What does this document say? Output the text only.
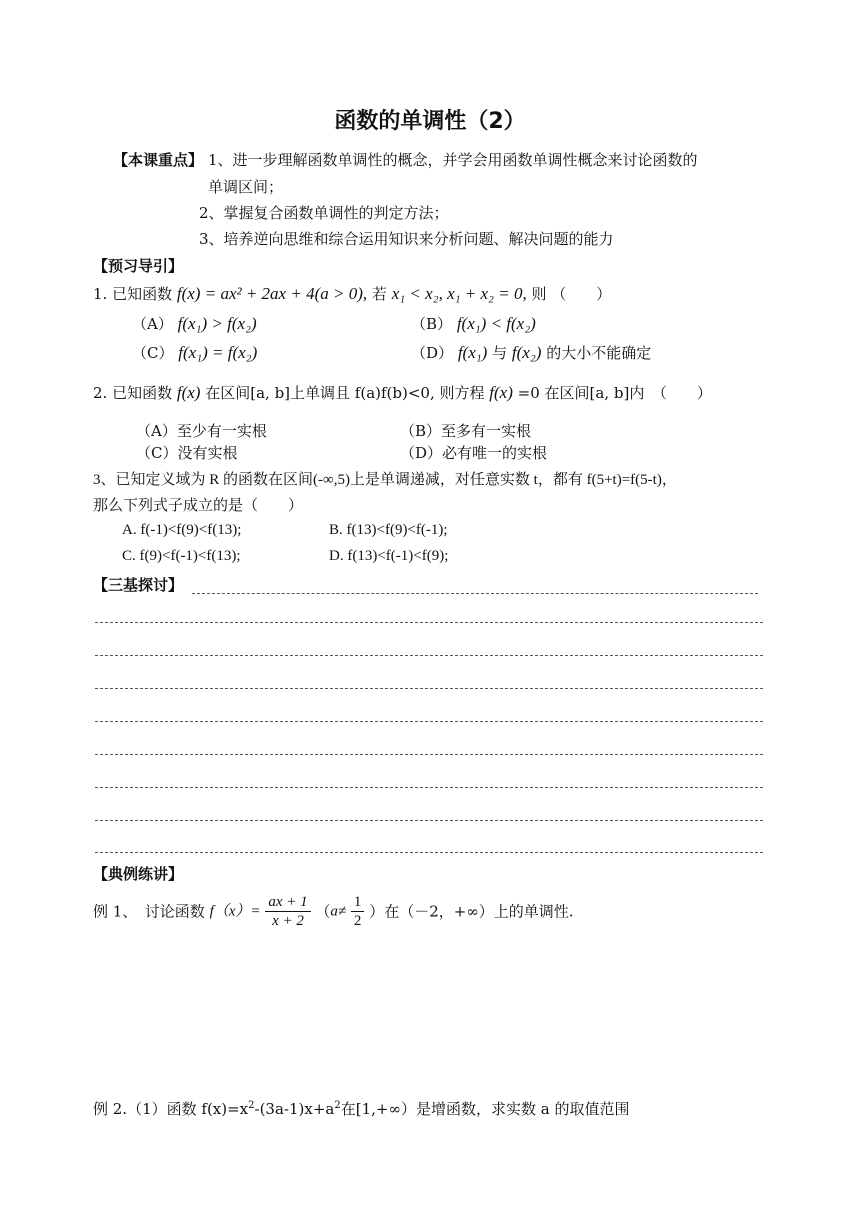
函数的单调性（2）
【本课重点】 1、进一步理解函数单调性的概念，并学会用函数单调性概念来讨论函数的
单调区间；
2、掌握复合函数单调性的判定方法；
3、培养逆向思维和综合运用知识来分析问题、解决问题的能力
【预习导引】
1. 已知函数 f(x) = ax² + 2ax + 4(a > 0), 若 x₁ < x₂, x₁ + x₂ = 0, 则 （　　）
（A） f(x₁) > f(x₂)	（B） f(x₁) < f(x₂)
（C） f(x₁) = f(x₂)	（D） f(x₁) 与 f(x₂) 的大小不能确定
2. 已知函数 f(x) 在区间[a, b]上单调且 f(a)f(b)<0, 则方程 f(x) =0 在区间[a, b]内　（　　）
（A）至少有一实根	（B）至多有一实根
（C）没有实根	（D）必有唯一的实根
3、已知定义域为 R 的函数在区间(-∞,5)上是单调递减，对任意实数 t，都有 f(5+t)=f(5-t)，
那么下列式子成立的是（　　）
A. f(-1)<f(9)<f(13);	B. f(13)<f(9)<f(-1);
C. f(9)<f(-1)<f(13);	D. f(13)<f(-1)<f(9);
【三基探讨】
【典例练讲】
例 1、　讨论函数 $f(x)= \frac{ax + 1}{x + 2} (a\ne \frac{1}{2}$ ）在（－2，+∞）上的单调性.
例 2.（1）函数 $f(x)=x^2-(3a-1)x+a^2$在[1,+∞）是增函数，求实数 a 的取值范围
